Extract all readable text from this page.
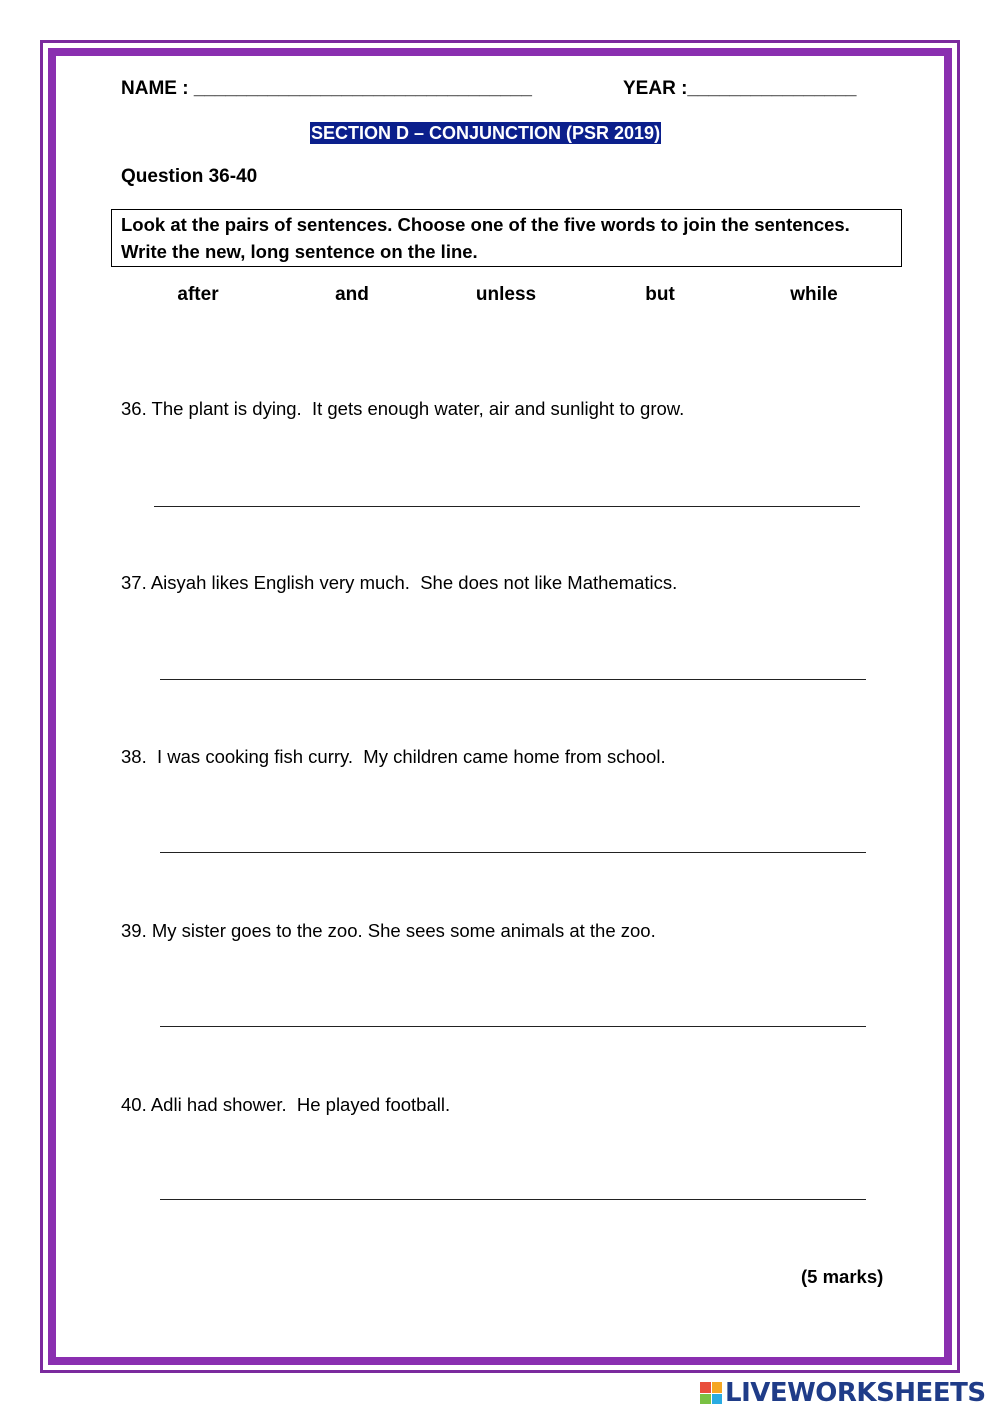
NAME : ________________________________	YEAR :________________
SECTION D – CONJUNCTION (PSR 2019)
Question 36-40
Look at the pairs of sentences. Choose one of the five words to join the sentences. Write the new, long sentence on the line.
after	and	unless	but	while
36. The plant is dying.  It gets enough water, air and sunlight to grow.
37. Aisyah likes English very much.  She does not like Mathematics.
38.  I was cooking fish curry.  My children came home from school.
39. My sister goes to the zoo. She sees some animals at the zoo.
40. Adli had shower.  He played football.
(5 marks)
LIVEWORKSHEETS
